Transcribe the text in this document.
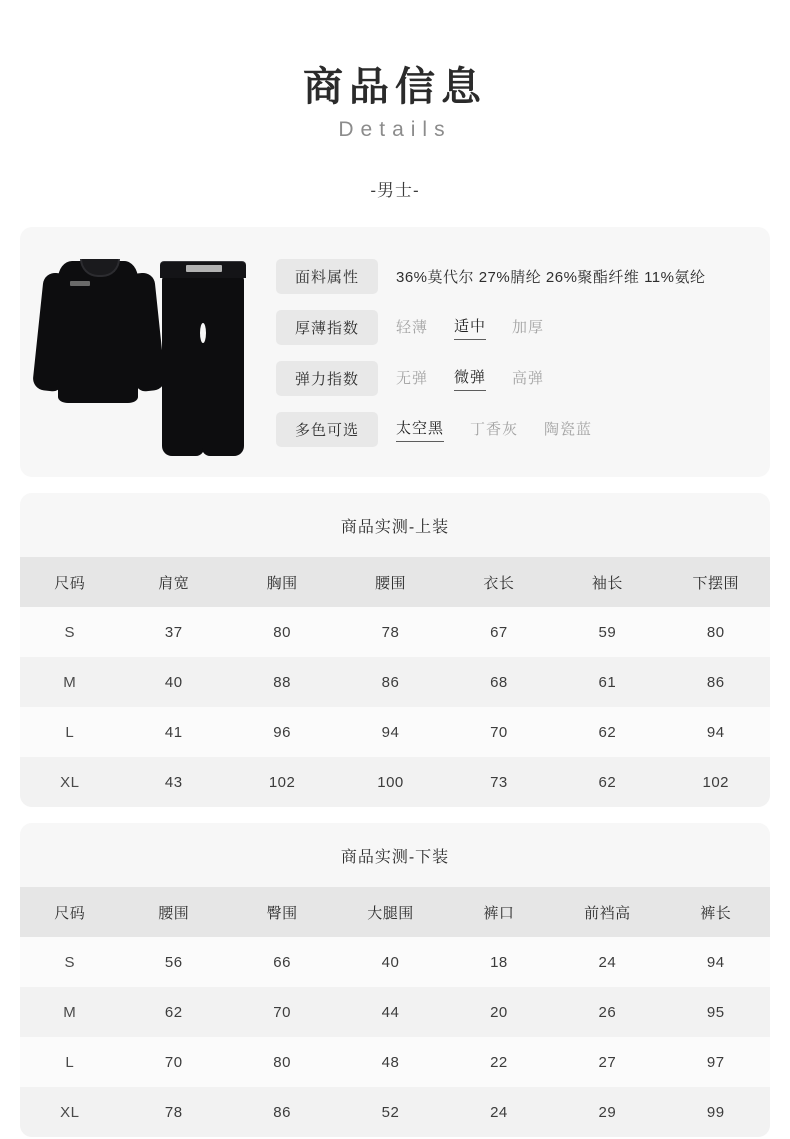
商品信息
Details
-男士-
面料属性	36%莫代尔 27%腈纶 26%聚酯纤维 11%氨纶
厚薄指数	轻薄 适中 加厚
弹力指数	无弹 微弹 高弹
多色可选	太空黑 丁香灰 陶瓷蓝
商品实测-上装
尺码	肩宽	胸围	腰围	衣长	袖长	下摆围
S	37	80	78	67	59	80
M	40	88	86	68	61	86
L	41	96	94	70	62	94
XL	43	102	100	73	62	102
商品实测-下装
尺码	腰围	臀围	大腿围	裤口	前裆高	裤长
S	56	66	40	18	24	94
M	62	70	44	20	26	95
L	70	80	48	22	27	97
XL	78	86	52	24	29	99
